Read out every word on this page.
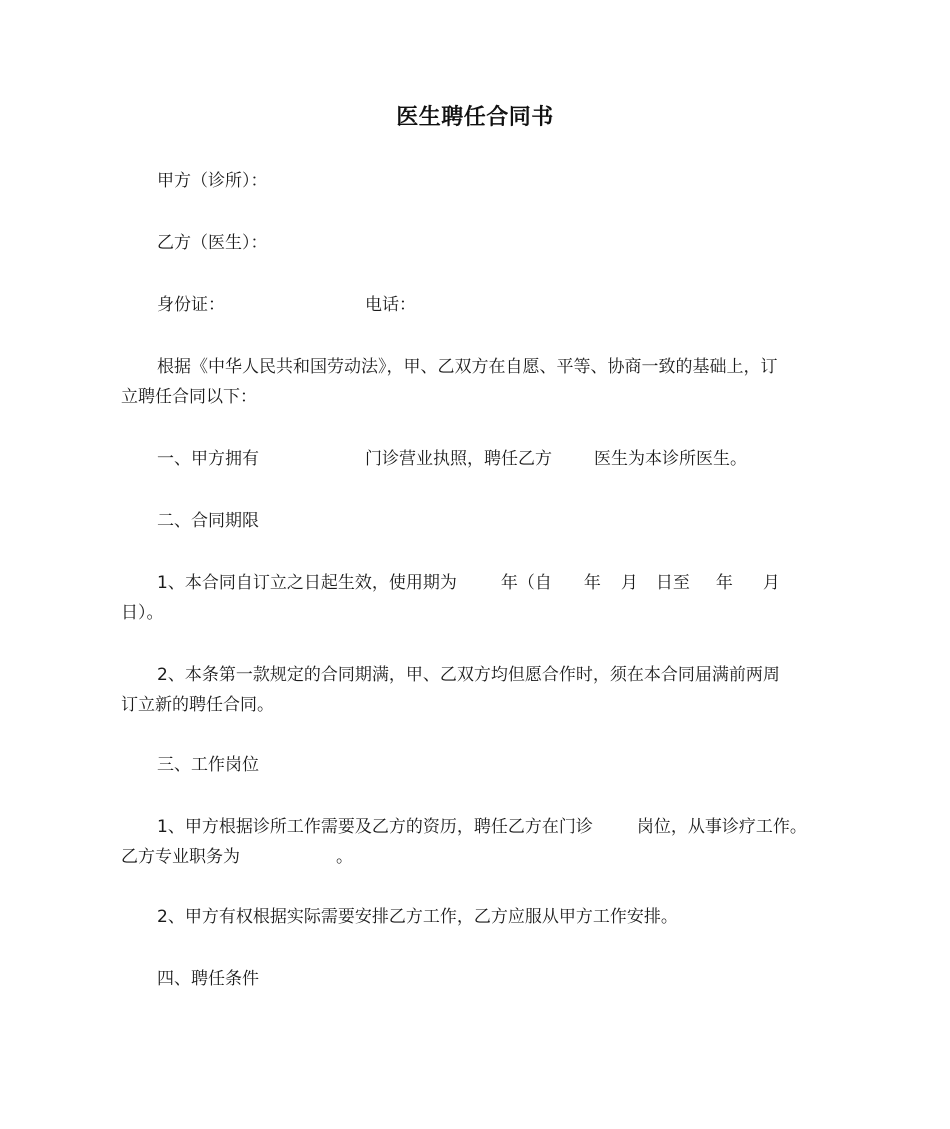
医生聘任合同书
甲方（诊所）：
乙方（医生）：
身份证：	电话：
根据《中华人民共和国劳动法》，甲、乙双方在自愿、平等、协商一致的基础上，订
立聘任合同以下：
一、甲方拥有	门诊营业执照，聘任乙方 医生为本诊所医生。
二、合同期限
1、本合同自订立之日起生效，使用期为	年（自 年 月 日至 年 月
日）。
2、本条第一款规定的合同期满，甲、乙双方均但愿合作时，须在本合同届满前两周
订立新的聘任合同。
三、工作岗位
1、甲方根据诊所工作需要及乙方的资历，聘任乙方在门诊	岗位，从事诊疗工作。
乙方专业职务为	。
2、甲方有权根据实际需要安排乙方工作，乙方应服从甲方工作安排。
四、聘任条件
